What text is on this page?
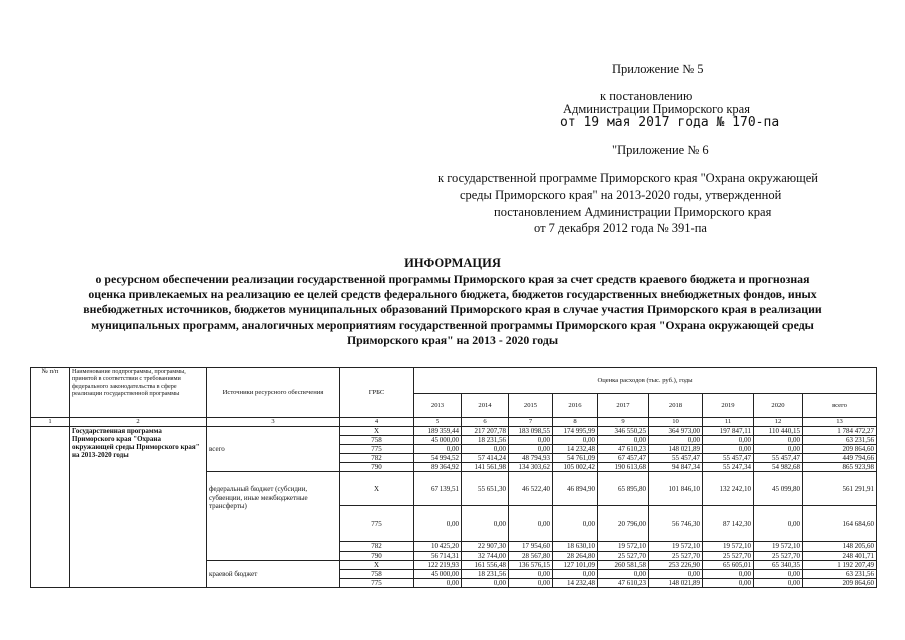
Приложение № 5
к постановлению
Администрации Приморского края
от 19 мая 2017 года № 170-па
"Приложение № 6
к государственной программе Приморского края "Охрана окружающей
среды Приморского края" на 2013-2020 годы, утвержденной
постановлением Администрации Приморского края
от 7 декабря 2012 года № 391-па
ИНФОРМАЦИЯ
о ресурсном обеспечении реализации государственной программы Приморского края за счет средств краевого бюджета и прогнозная
оценка привлекаемых на реализацию ее целей средств федерального бюджета, бюджетов государственных внебюджетных фондов, иных
внебюджетных источников, бюджетов муниципальных образований Приморского края в случае участия Приморского края в реализации
муниципальных программ, аналогичных мероприятиям государственной программы Приморского края "Охрана окружающей среды
Приморского края" на 2013 - 2020 годы
№ п/п	Наименование подпрограммы, программы, принятой в соответствии с требованиями федерального законодательства в сфере реализации государственной программы	Источники ресурсного обеспечения	ГРБС	Оценка расходов (тыс. руб.), годы								
				2013	2014	2015	2016	2017	2018	2019	2020	всего
1	2	3	4	5	6	7	8	9	10	11	12	13
	Государственная программа Приморского края "Охрана окружающей среды Приморского края" на 2013-2020 годы	всего	X	189 359,44	217 207,78	183 098,55	174 995,99	346 550,25	364 973,00	197 847,11	110 440,15	1 784 472,27
			758	45 000,00	18 231,56	0,00	0,00	0,00	0,00	0,00	0,00	63 231,56
			775	0,00	0,00	0,00	14 232,48	47 610,23	148 021,89	0,00	0,00	209 864,60
			782	54 994,52	57 414,24	48 794,93	54 761,09	67 457,47	55 457,47	55 457,47	55 457,47	449 794,66
			790	89 364,92	141 561,98	134 303,62	105 002,42	190 613,68	94 847,34	55 247,34	54 982,68	865 923,98
		федеральный бюджет (субсидии, субвенции, иные межбюджетные трансферты)	X	67 139,51	55 651,30	46 522,40	46 894,90	65 895,80	101 846,10	132 242,10	45 099,80	561 291,91
			775	0,00	0,00	0,00	0,00	20 796,00	56 746,30	87 142,30	0,00	164 684,60
			782	10 425,20	22 907,30	17 954,60	18 630,10	19 572,10	19 572,10	19 572,10	19 572,10	148 205,60
			790	56 714,31	32 744,00	28 567,80	28 264,80	25 527,70	25 527,70	25 527,70	25 527,70	248 401,71
		краевой бюджет	X	122 219,93	161 556,48	136 576,15	127 101,09	260 581,58	253 226,90	65 605,01	65 340,35	1 192 207,49
			758	45 000,00	18 231,56	0,00	0,00	0,00	0,00	0,00	0,00	63 231,56
			775	0,00	0,00	0,00	14 232,48	47 610,23	148 021,89	0,00	0,00	209 864,60
